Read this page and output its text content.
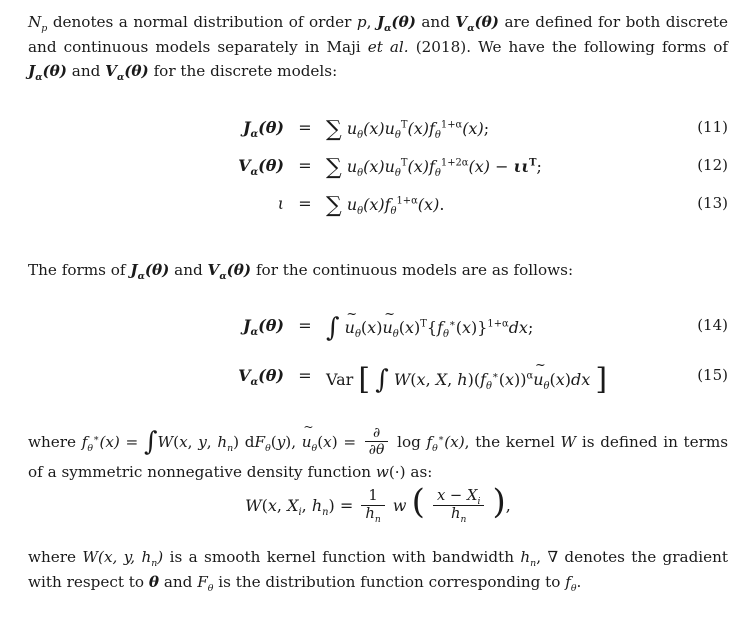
$N_p$ denotes a normal distribution of order p, $J_\alpha(\theta)$ and $V_\alpha(\theta)$ are defined for both discrete and continuous models separately in Maji et al. (2018). We have the following forms of $J_\alpha(\theta)$ and $V_\alpha(\theta)$ for the discrete models:

$J_\alpha(\theta)$ = ∑ $u_\theta(x)u_\theta^T(x)f_\theta^{1+\alpha}(x)$;	(11)
$V_\alpha(\theta)$ = ∑ $u_\theta(x)u_\theta^T(x)f_\theta^{1+2\alpha}(x) - \iota\iota^T$;	(12)
ι = ∑ $u_\theta(x)f_\theta^{1+\alpha}(x)$.	(13)

The forms of $J_\alpha(\theta)$ and $V_\alpha(\theta)$ for the continuous models are as follows:

$J_\alpha(\theta)$ = ∫ ~
$u_\theta(x)$
~
$u_\theta(x)^T\{f_\theta^∗(x)\}^{1+\alpha}dx$;	(14)
$V_\alpha(\theta)$ = Var [ ∫ W(x, X, $h)(f_\theta^∗(x))^\alpha$
~
$u_\theta(x)dx$ ]	(15)

where $f_\theta^∗(x) = \int W(x$, y, $h_n$) $dF_\theta(y)$,
~
$u_\theta(x) = \frac{\partial}{\partial\theta}$ $\log f_\theta^∗(x)$, the kernel W is defined in terms of a symmetric nonnegative density function w(·) as:

W(x, $X_i$, $h_n) = \frac{1}{h_n}$ w ( $\frac{x - X_i}{h_n}$ ),

where W(x, y, $h_n$) is a smooth kernel function with bandwidth $h_n$, ∇ denotes the gradient with respect to θ and $F_\theta$ is the distribution function corresponding to $f_\theta$.
